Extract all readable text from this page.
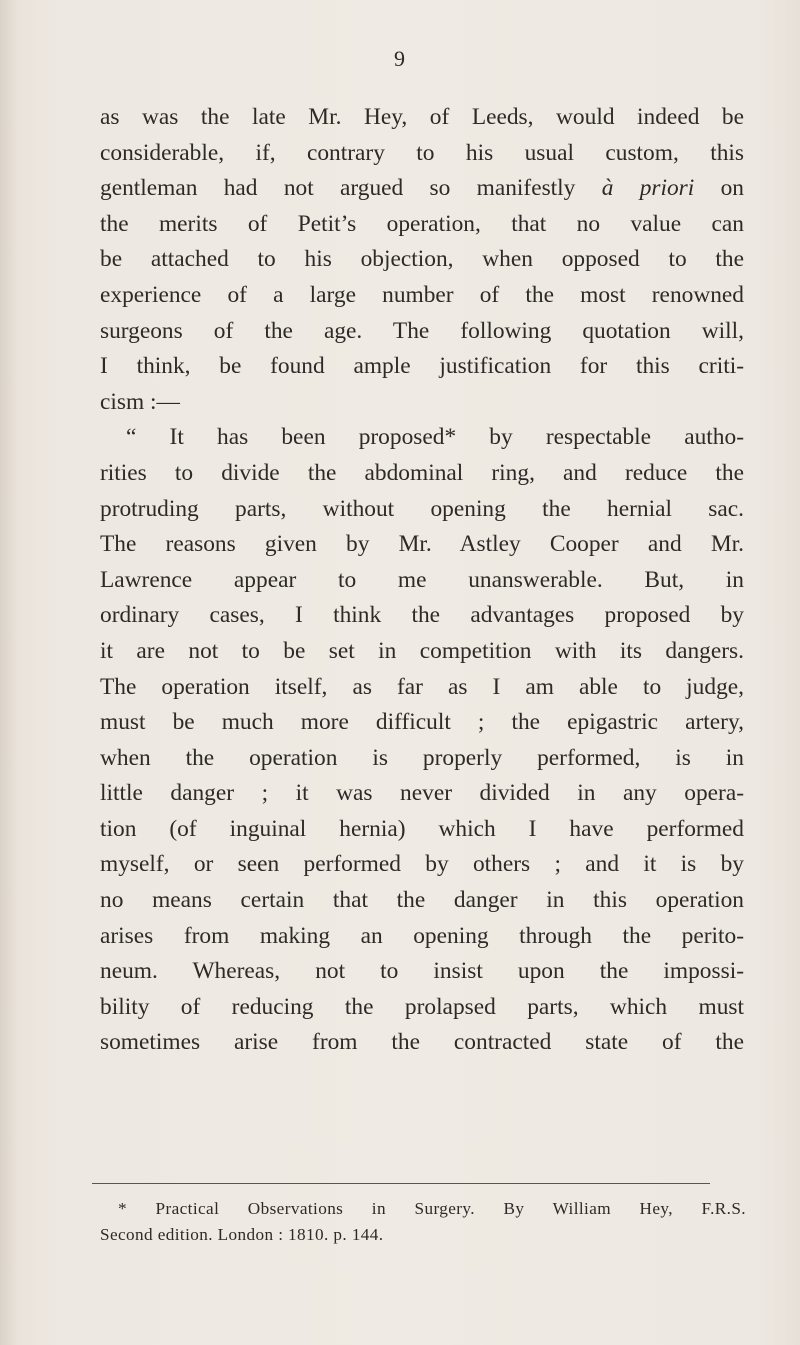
9
as was the late Mr. Hey, of Leeds, would indeed be
considerable, if, contrary to his usual custom, this
gentleman had not argued so manifestly à priori on
the merits of Petit’s operation, that no value can
be attached to his objection, when opposed to the
experience of a large number of the most renowned
surgeons of the age. The following quotation will,
I think, be found ample justification for this criti-
cism :—
“ It has been proposed* by respectable autho-
rities to divide the abdominal ring, and reduce the
protruding parts, without opening the hernial sac.
The reasons given by Mr. Astley Cooper and Mr.
Lawrence appear to me unanswerable. But, in
ordinary cases, I think the advantages proposed by
it are not to be set in competition with its dangers.
The operation itself, as far as I am able to judge,
must be much more difficult ; the epigastric artery,
when the operation is properly performed, is in
little danger ; it was never divided in any opera-
tion (of inguinal hernia) which I have performed
myself, or seen performed by others ; and it is by
no means certain that the danger in this operation
arises from making an opening through the perito-
neum. Whereas, not to insist upon the impossi-
bility of reducing the prolapsed parts, which must
sometimes arise from the contracted state of the
* Practical Observations in Surgery. By William Hey, F.R.S.
Second edition. London : 1810. p. 144.
